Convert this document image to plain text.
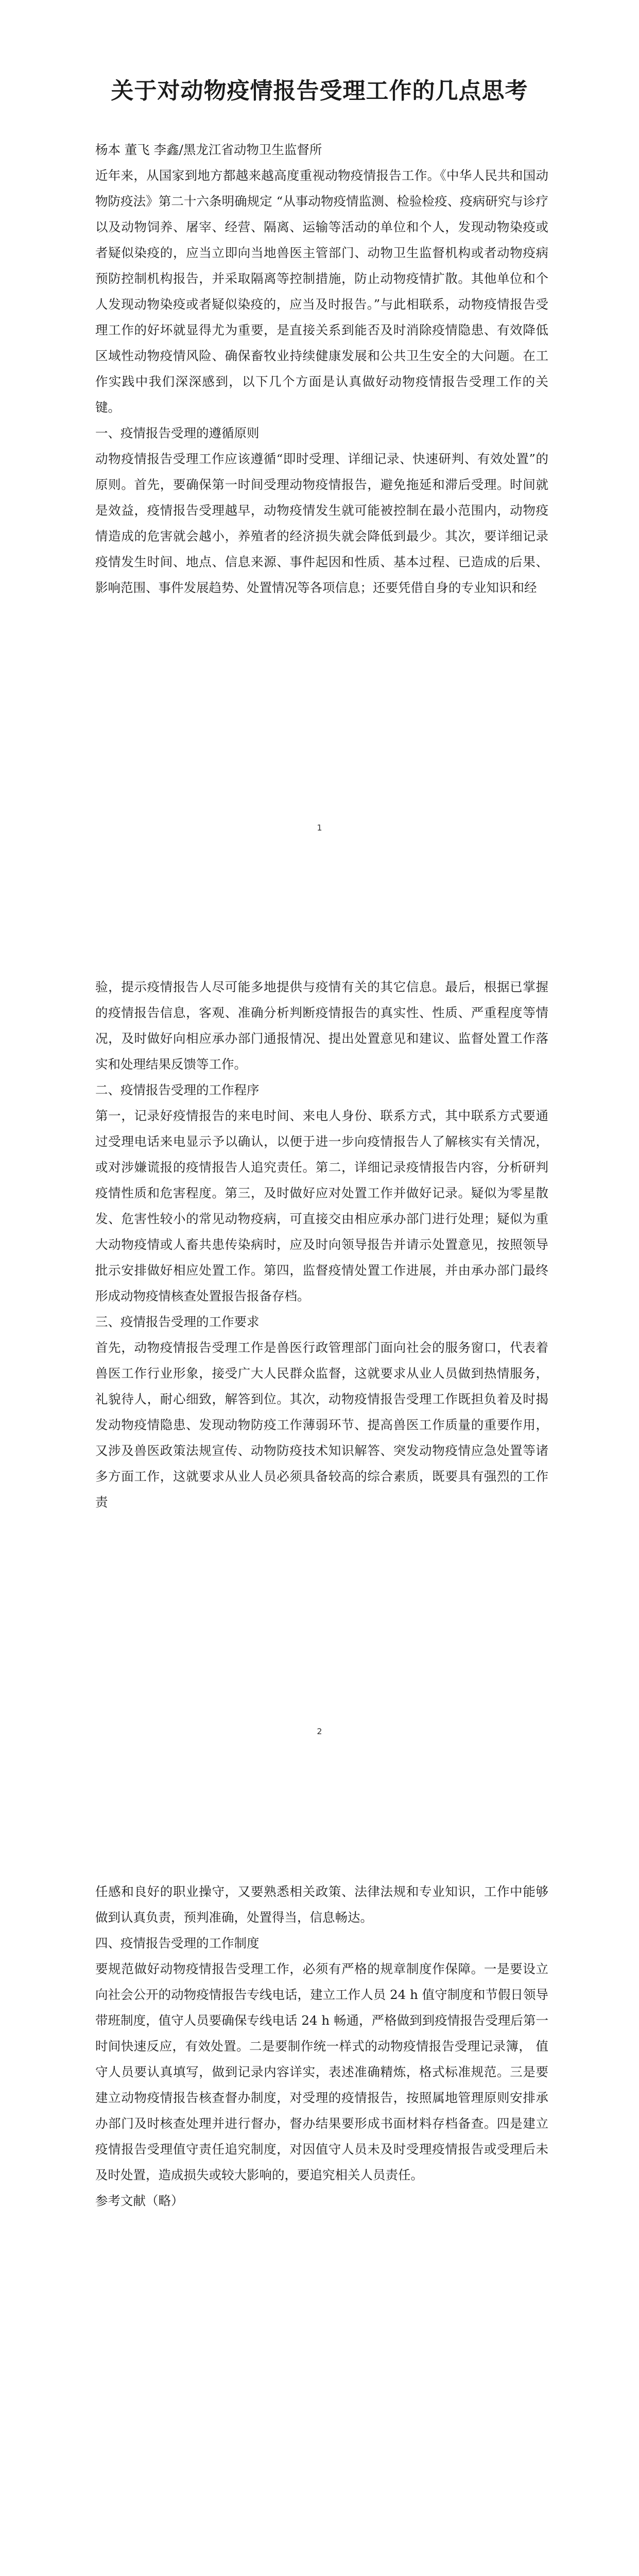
关于对动物疫情报告受理工作的几点思考

杨本 董飞 李鑫/黑龙江省动物卫生监督所

近年来，从国家到地方都越来越高度重视动物疫情报告工作。《中华人民共和国动物防疫法》第二十六条明确规定 “从事动物疫情监测、检验检疫、疫病研究与诊疗以及动物饲养、屠宰、经营、隔离、运输等活动的单位和个人，发现动物染疫或者疑似染疫的，应当立即向当地兽医主管部门、动物卫生监督机构或者动物疫病预防控制机构报告，并采取隔离等控制措施，防止动物疫情扩散。其他单位和个人发现动物染疫或者疑似染疫的，应当及时报告。”与此相联系，动物疫情报告受理工作的好坏就显得尤为重要，是直接关系到能否及时消除疫情隐患、有效降低区域性动物疫情风险、确保畜牧业持续健康发展和公共卫生安全的大问题。在工作实践中我们深深感到，以下几个方面是认真做好动物疫情报告受理工作的关键。

一、疫情报告受理的遵循原则

动物疫情报告受理工作应该遵循“即时受理、详细记录、快速研判、有效处置”的原则。首先，要确保第一时间受理动物疫情报告，避免拖延和滞后受理。时间就是效益，疫情报告受理越早，动物疫情发生就可能被控制在最小范围内，动物疫情造成的危害就会越小，养殖者的经济损失就会降低到最少。其次，要详细记录疫情发生时间、地点、信息来源、事件起因和性质、基本过程、已造成的后果、影响范围、事件发展趋势、处置情况等各项信息；还要凭借自身的专业知识和经

1

验，提示疫情报告人尽可能多地提供与疫情有关的其它信息。最后，根据已掌握的疫情报告信息，客观、准确分析判断疫情报告的真实性、性质、严重程度等情况，及时做好向相应承办部门通报情况、提出处置意见和建议、监督处置工作落实和处理结果反馈等工作。

二、疫情报告受理的工作程序

第一，记录好疫情报告的来电时间、来电人身份、联系方式，其中联系方式要通过受理电话来电显示予以确认，以便于进一步向疫情报告人了解核实有关情况，或对涉嫌谎报的疫情报告人追究责任。第二，详细记录疫情报告内容，分析研判疫情性质和危害程度。第三，及时做好应对处置工作并做好记录。疑似为零星散发、危害性较小的常见动物疫病，可直接交由相应承办部门进行处理；疑似为重大动物疫情或人畜共患传染病时，应及时向领导报告并请示处置意见，按照领导批示安排做好相应处置工作。第四，监督疫情处置工作进展，并由承办部门最终形成动物疫情核查处置报告报备存档。

三、疫情报告受理的工作要求

首先，动物疫情报告受理工作是兽医行政管理部门面向社会的服务窗口，代表着兽医工作行业形象，接受广大人民群众监督，这就要求从业人员做到热情服务，礼貌待人，耐心细致，解答到位。其次，动物疫情报告受理工作既担负着及时揭发动物疫情隐患、发现动物防疫工作薄弱环节、提高兽医工作质量的重要作用，又涉及兽医政策法规宣传、动物防疫技术知识解答、突发动物疫情应急处置等诸多方面工作，这就要求从业人员必须具备较高的综合素质，既要具有强烈的工作责

2

任感和良好的职业操守，又要熟悉相关政策、法律法规和专业知识，工作中能够做到认真负责，预判准确，处置得当，信息畅达。

四、疫情报告受理的工作制度

要规范做好动物疫情报告受理工作，必须有严格的规章制度作保障。一是要设立向社会公开的动物疫情报告专线电话，建立工作人员 24 h 值守制度和节假日领导带班制度，值守人员要确保专线电话 24 h 畅通，严格做到到疫情报告受理后第一时间快速反应，有效处置。二是要制作统一样式的动物疫情报告受理记录簿， 值守人员要认真填写，做到记录内容详实，表述准确精炼，格式标准规范。三是要建立动物疫情报告核查督办制度，对受理的疫情报告，按照属地管理原则安排承办部门及时核查处理并进行督办，督办结果要形成书面材料存档备查。四是建立疫情报告受理值守责任追究制度，对因值守人员未及时受理疫情报告或受理后未及时处置，造成损失或较大影响的，要追究相关人员责任。

参考文献（略）
